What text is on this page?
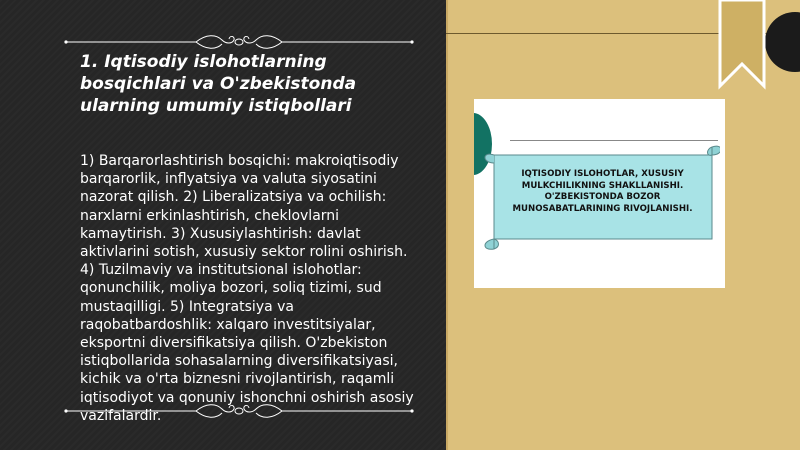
1. Iqtisodiy islohotlarning bosqichlari va O'zbekistonda ularning umumiy istiqbollari

1) Barqarorlashtirish bosqichi: makroiqtisodiy barqarorlik, inflyatsiya va valuta siyosatini nazorat qilish. 2) Liberalizatsiya va ochilish: narxlarni erkinlashtirish, cheklovlarni kamaytirish. 3) Xususiylashtirish: davlat aktivlarini sotish, xususiy sektor rolini oshirish. 4) Tuzilmaviy va institutsional islohotlar: qonunchilik, moliya bozori, soliq tizimi, sud mustaqilligi. 5) Integratsiya va raqobatbardoshlik: xalqaro investitsiyalar, eksportni diversifikatsiya qilish. O'zbekiston istiqbollarida sohasalarning diversifikatsiyasi, kichik va o'rta biznesni rivojlantirish, raqamli iqtisodiyot va qonuniy ishonchni oshirish asosiy vazifalardir.

IQTISODIY ISLOHOTLAR, XUSUSIY MULKCHILIKNING SHAKLLANISHI. O'ZBEKISTONDA BOZOR MUNOSABATLARINING RIVOJLANISHI.
